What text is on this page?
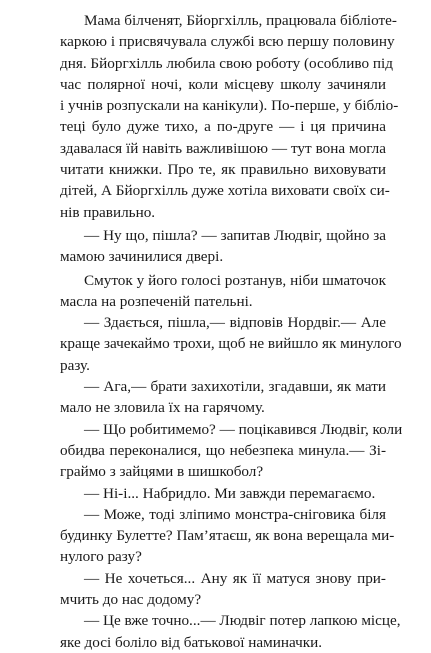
Мама бiлченят, Бйоргхiлль, працювала бiблiоте-
каркою i присвячувала службi всю першу половину
дня. Бйоргхiлль любила свою роботу (особливо пiд
час полярної ночi, коли мiсцеву школу зачиняли
i учнiв розпускали на канiкули). По-перше, у бiблiо-
тецi було дуже тихо, а по-друге — i ця причина
здавалася їй навiть важливiшою — тут вона могла
читати книжки. Про те, як правильно виховувати
дiтей, А Бйоргхiлль дуже хотiла виховати своїх си-
нiв правильно.
— Ну що, пiшла? — запитав Людвiг, щойно за
мамою зачинилися дверi.
Смуток у його голосi розтанув, нiби шматочок
масла на розпеченiй пательнi.
— Здається, пiшла,— вiдповiв Нордвiг.— Але
краще зачекаймо трохи, щоб не вийшло як минулого
разу.
— Ага,— брати захихотiли, згадавши, як мати
мало не зловила їх на гарячому.
— Що робитимемо? — поцiкавився Людвiг, коли
обидва переконалися, що небезпека минула.— Зi-
граймо з зайцями в шишкобол?
— Нi-i... Набридло. Ми завжди перемагаємо.
— Може, тодi злiпимо монстра-снiговика бiля
будинку Булетте? Пам’ятаєш, як вона верещала ми-
нулого разу?
— Не хочеться... Ану як її матуся знову при-
мчить до нас додому?
— Це вже точно...— Людвiг потер лапкою мiсце,
яке досi болiло вiд батькової наминачки.
